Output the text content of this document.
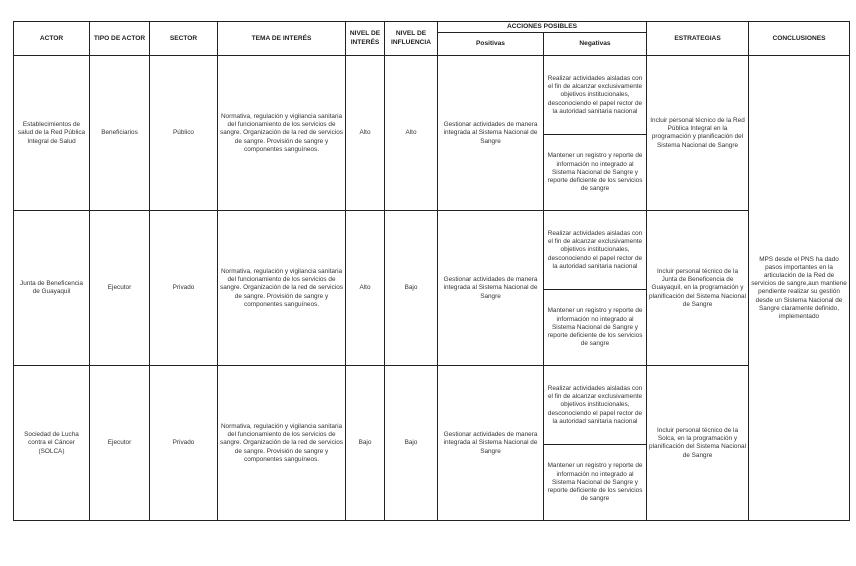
ACTOR	TIPO DE ACTOR	SECTOR	TEMA DE INTERÉS	NIVEL DE INTERÉS	NIVEL DE INFLUENCIA	ACCIONES POSIBLES		ESTRATEGIAS	CONCLUSIONES
						Positivas	Negativas		
Establecimientos de salud de la Red Pública Integral de Salud	Beneficiarios	Público	Normativa, regulación y vigilancia sanitaria del funcionamiento de los servicios de sangre. Organización de la red de servicios de sangre. Provisión de sangre y componentes sanguíneos.	Alto	Alto	Gestionar actividades de manera integrada al Sistema Nacional de Sangre	Realizar actividades aisladas con el fin de alcanzar exclusivamente objetivos institucionales, desconociendo el papel rector de la autoridad sanitaria nacional	Incluir personal técnico de la Red Pública Integral en la programación y planificación del Sistema Nacional de Sangre	MPS desde el PNS ha dado pasos importantes en la articulación de la Red de servicios de sangre,aun mantiene pendiente realizar su gestión desde un Sistema Nacional de Sangre claramente definido, implementado
							Mantener un registro y reporte de información no integrado al Sistema Nacional de Sangre y reporte deficiente de los servicios de sangre		
Junta de Beneficencia de Guayaquil	Ejecutor	Privado	Normativa, regulación y vigilancia sanitaria del funcionamiento de los servicios de sangre. Organización de la red de servicios de sangre. Provisión de sangre y componentes sanguíneos.	Alto	Bajo	Gestionar actividades de manera integrada al Sistema Nacional de Sangre	Realizar actividades aisladas con el fin de alcanzar exclusivamente objetivos institucionales, desconociendo el papel rector de la autoridad sanitaria nacional	Incluir personal técnico de la Junta de Beneficencia de Guayaquil, en la programación y planificación del Sistema Nacional de Sangre	
							Mantener un registro y reporte de información no integrado al Sistema Nacional de Sangre y reporte deficiente de los servicios de sangre		
Sociedad de Lucha contra el Cáncer (SOLCA)	Ejecutor	Privado	Normativa, regulación y vigilancia sanitaria del funcionamiento de los servicios de sangre. Organización de la red de servicios de sangre. Provisión de sangre y componentes sanguíneos.	Bajo	Bajo	Gestionar actividades de manera integrada al Sistema Nacional de Sangre	Realizar actividades aisladas con el fin de alcanzar exclusivamente objetivos institucionales, desconociendo el papel rector de la autoridad sanitaria nacional	Incluir personal técnico de la Solca, en la programación y planificación del Sistema Nacional de Sangre	
							Mantener un registro y reporte de información no integrado al Sistema Nacional de Sangre y reporte deficiente de los servicios de sangre		
